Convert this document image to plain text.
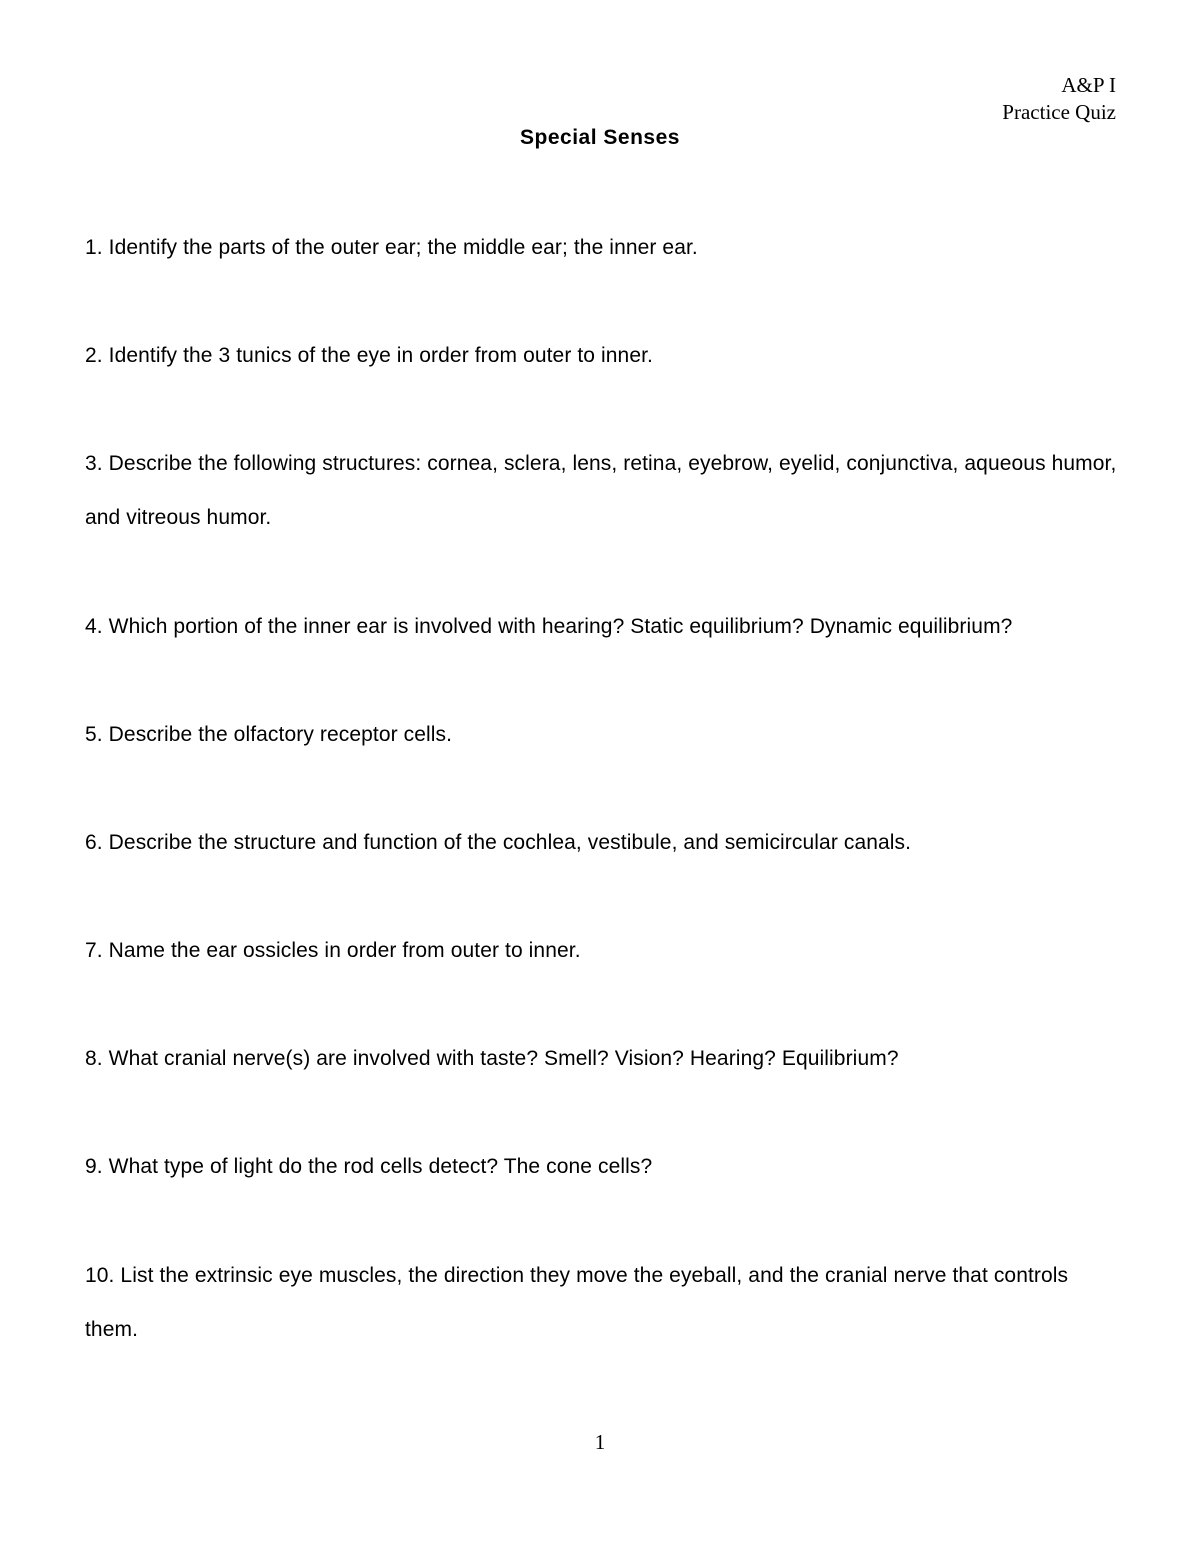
A&P I
Practice Quiz
Special Senses
1. Identify the parts of the outer ear; the middle ear; the inner ear.
2. Identify the 3 tunics of the eye in order from outer to inner.
3. Describe the following structures: cornea, sclera, lens, retina, eyebrow, eyelid, conjunctiva, aqueous humor, and vitreous humor.
4. Which portion of the inner ear is involved with hearing? Static equilibrium? Dynamic equilibrium?
5. Describe the olfactory receptor cells.
6. Describe the structure and function of the cochlea, vestibule, and semicircular canals.
7. Name the ear ossicles in order from outer to inner.
8. What cranial nerve(s) are involved with taste? Smell? Vision? Hearing? Equilibrium?
9. What type of light do the rod cells detect? The cone cells?
10. List the extrinsic eye muscles, the direction they move the eyeball, and the cranial nerve that controls them.
1
